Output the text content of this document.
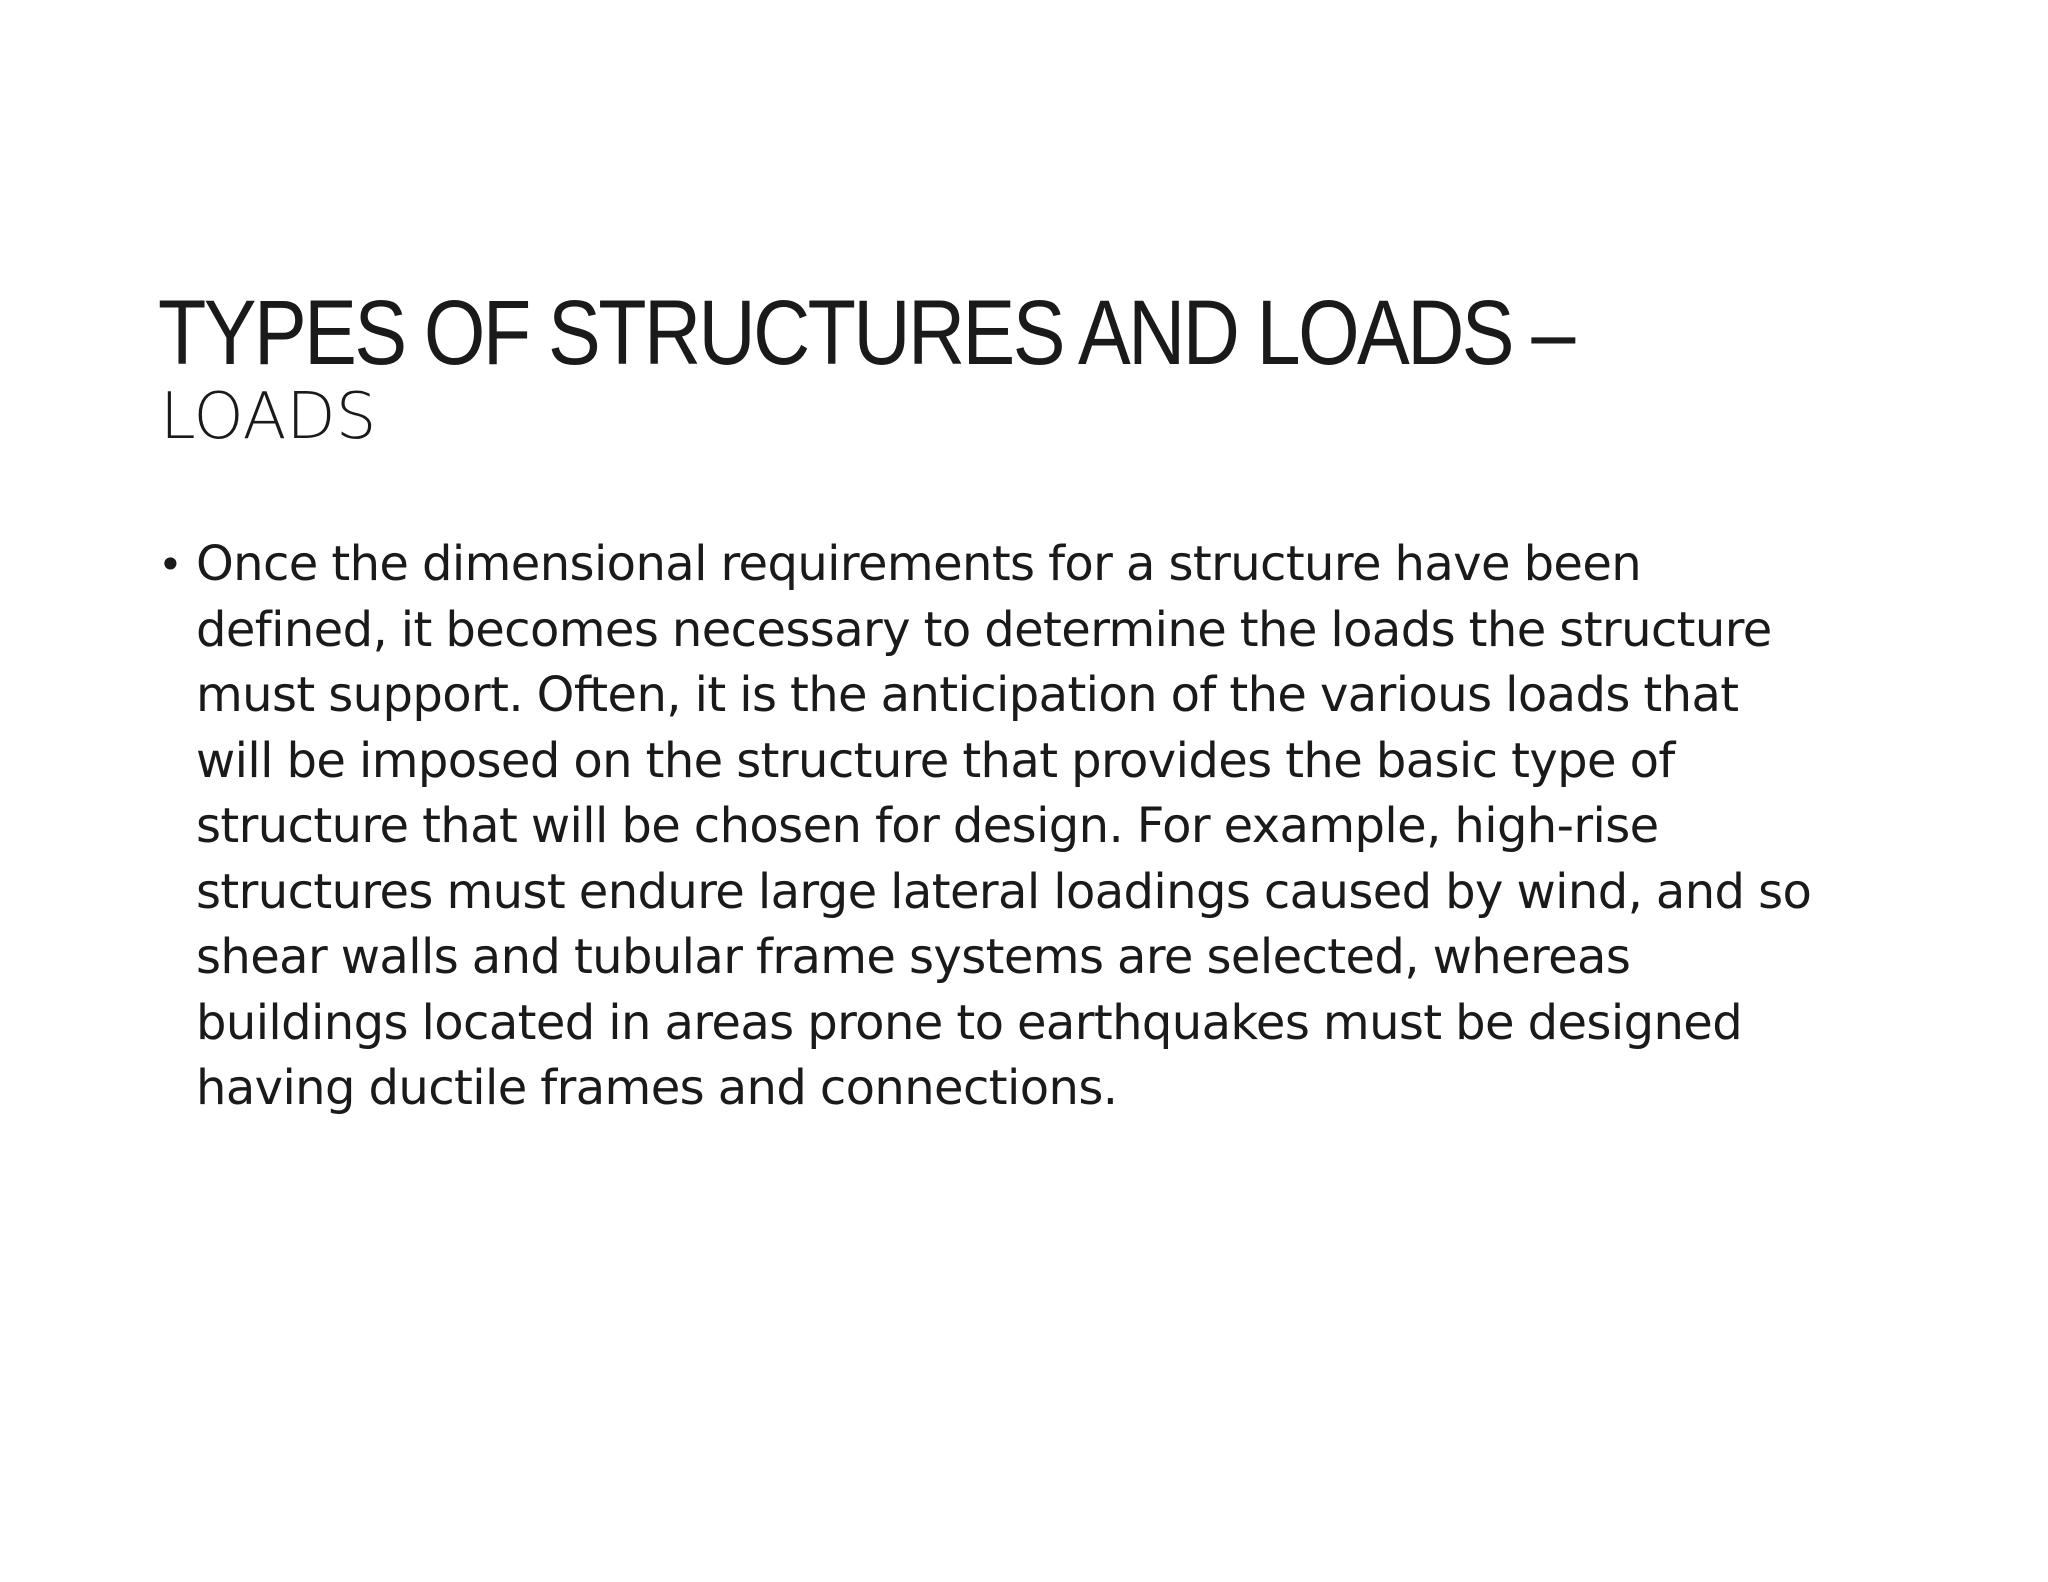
TYPES OF STRUCTURES AND LOADS –
LOADS
• Once the dimensional requirements for a structure have been
defined, it becomes necessary to determine the loads the structure
must support. Often, it is the anticipation of the various loads that
will be imposed on the structure that provides the basic type of
structure that will be chosen for design. For example, high-rise
structures must endure large lateral loadings caused by wind, and so
shear walls and tubular frame systems are selected, whereas
buildings located in areas prone to earthquakes must be designed
having ductile frames and connections.
